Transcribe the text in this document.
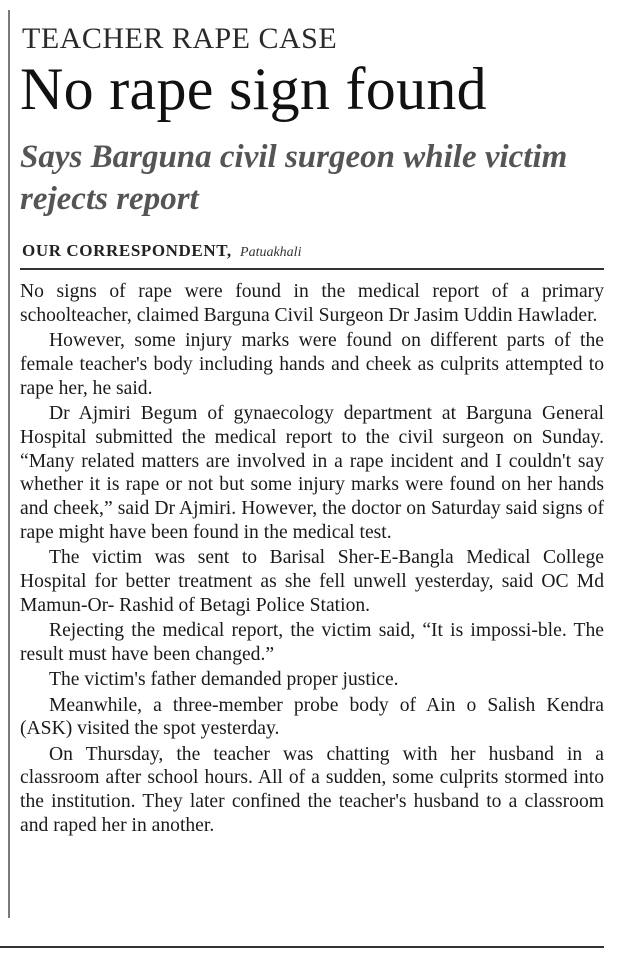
TEACHER RAPE CASE
No rape sign found
Says Barguna civil surgeon while victim rejects report
OUR CORRESPONDENT, Patuakhali

No signs of rape were found in the medical report of a primary schoolteacher, claimed Barguna Civil Surgeon Dr Jasim Uddin Hawlader.

However, some injury marks were found on different parts of the female teacher's body including hands and cheek as culprits attempted to rape her, he said.

Dr Ajmiri Begum of gynaecology department at Barguna General Hospital submitted the medical report to the civil surgeon on Sunday. “Many related matters are involved in a rape incident and I couldn't say whether it is rape or not but some injury marks were found on her hands and cheek,” said Dr Ajmiri. However, the doctor on Saturday said signs of rape might have been found in the medical test.

The victim was sent to Barisal Sher-E-Bangla Medical College Hospital for better treatment as she fell unwell yesterday, said OC Md Mamun-Or- Rashid of Betagi Police Station.

Rejecting the medical report, the victim said, “It is impossi-ble. The result must have been changed.”

The victim's father demanded proper justice.

Meanwhile, a three-member probe body of Ain o Salish Kendra (ASK) visited the spot yesterday.

On Thursday, the teacher was chatting with her husband in a classroom after school hours. All of a sudden, some culprits stormed into the institution. They later confined the teacher's husband to a classroom and raped her in another.
